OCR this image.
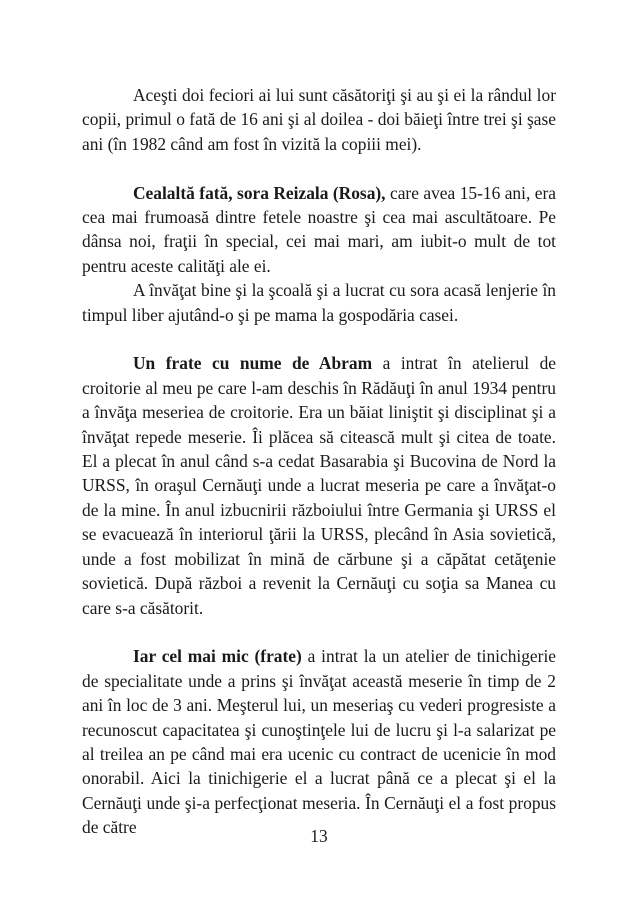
Aceşti doi feciori ai lui sunt căsătoriţi şi au şi ei la rândul lor copii, primul o fată de 16 ani şi al doilea - doi băieţi între trei şi şase ani (în 1982 când am fost în vizită la copiii mei).

Cealaltă fată, sora Reizala (Rosa), care avea 15-16 ani, era cea mai frumoasă dintre fetele noastre şi cea mai ascultătoare. Pe dânsa noi, fraţii în special, cei mai mari, am iubit-o mult de tot pentru aceste calităţi ale ei.

A învăţat bine şi la şcoală şi a lucrat cu sora acasă lenjerie în timpul liber ajutând-o şi pe mama la gospodăria casei.

Un frate cu nume de Abram a intrat în atelierul de croitorie al meu pe care l-am deschis în Rădăuţi în anul 1934 pentru a învăţa meseriea de croitorie. Era un băiat liniştit şi disciplinat şi a învăţat repede meserie. Îi plăcea să citească mult şi citea de toate. El a plecat în anul când s-a cedat Basarabia şi Bucovina de Nord la URSS, în oraşul Cernăuţi unde a lucrat meseria pe care a învăţat-o de la mine. În anul izbucnirii războiului între Germania şi URSS el se evacuează în interiorul ţării la URSS, plecând în Asia sovietică, unde a fost mobilizat în mină de cărbune şi a căpătat cetăţenie sovietică. După război a revenit la Cernăuţi cu soţia sa Manea cu care s-a căsătorit.

Iar cel mai mic (frate) a intrat la un atelier de tinichigerie de specialitate unde a prins şi învăţat această meserie în timp de 2 ani în loc de 3 ani. Meşterul lui, un meseriaş cu vederi progresiste a recunoscut capacitatea şi cunoştinţele lui de lucru şi l-a salarizat pe al treilea an pe când mai era ucenic cu contract de ucenicie în mod onorabil. Aici la tinichigerie el a lucrat până ce a plecat şi el la Cernăuţi unde şi-a perfecţionat meseria. În Cernăuţi el a fost propus de către	13
